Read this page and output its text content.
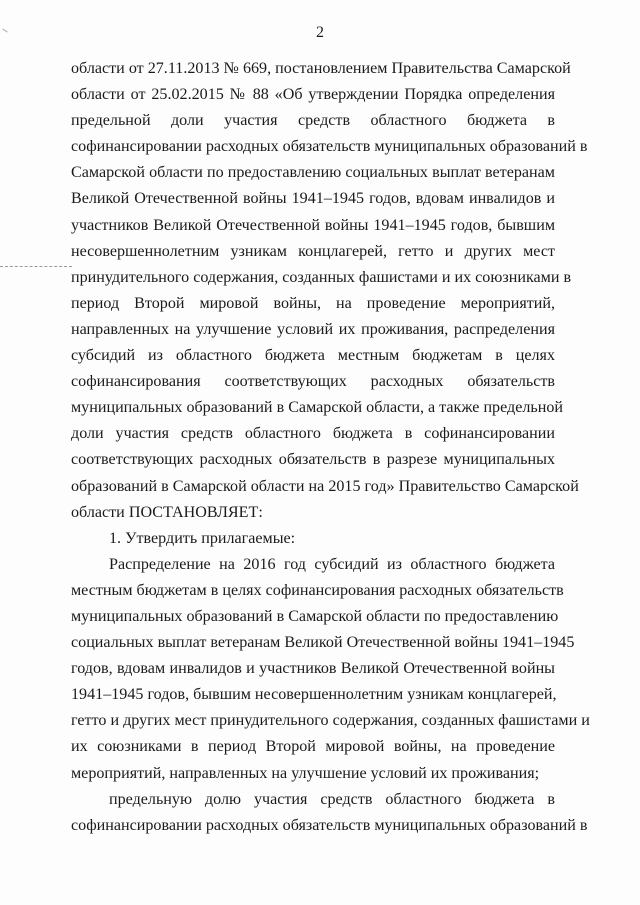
2
области от 27.11.2013 № 669, постановлением Правительства Самарской
области от 25.02.2015 № 88 «Об утверждении Порядка определения
предельной доли участия средств областного бюджета в
софинансировании расходных обязательств муниципальных образований в
Самарской области по предоставлению социальных выплат ветеранам
Великой Отечественной войны 1941–1945 годов, вдовам инвалидов и
участников Великой Отечественной войны 1941–1945 годов, бывшим
несовершеннолетним узникам концлагерей, гетто и других мест
принудительного содержания, созданных фашистами и их союзниками в
период Второй мировой войны, на проведение мероприятий,
направленных на улучшение условий их проживания, распределения
субсидий из областного бюджета местным бюджетам в целях
софинансирования соответствующих расходных обязательств
муниципальных образований в Самарской области, а также предельной
доли участия средств областного бюджета в софинансировании
соответствующих расходных обязательств в разрезе муниципальных
образований в Самарской области на 2015 год» Правительство Самарской
области ПОСТАНОВЛЯЕТ:
1. Утвердить прилагаемые:
Распределение на 2016 год субсидий из областного бюджета
местным бюджетам в целях софинансирования расходных обязательств
муниципальных образований в Самарской области по предоставлению
социальных выплат ветеранам Великой Отечественной войны 1941–1945
годов, вдовам инвалидов и участников Великой Отечественной войны
1941–1945 годов, бывшим несовершеннолетним узникам концлагерей,
гетто и других мест принудительного содержания, созданных фашистами и
их союзниками в период Второй мировой войны, на проведение
мероприятий, направленных на улучшение условий их проживания;
предельную долю участия средств областного бюджета в
софинансировании расходных обязательств муниципальных образований в
